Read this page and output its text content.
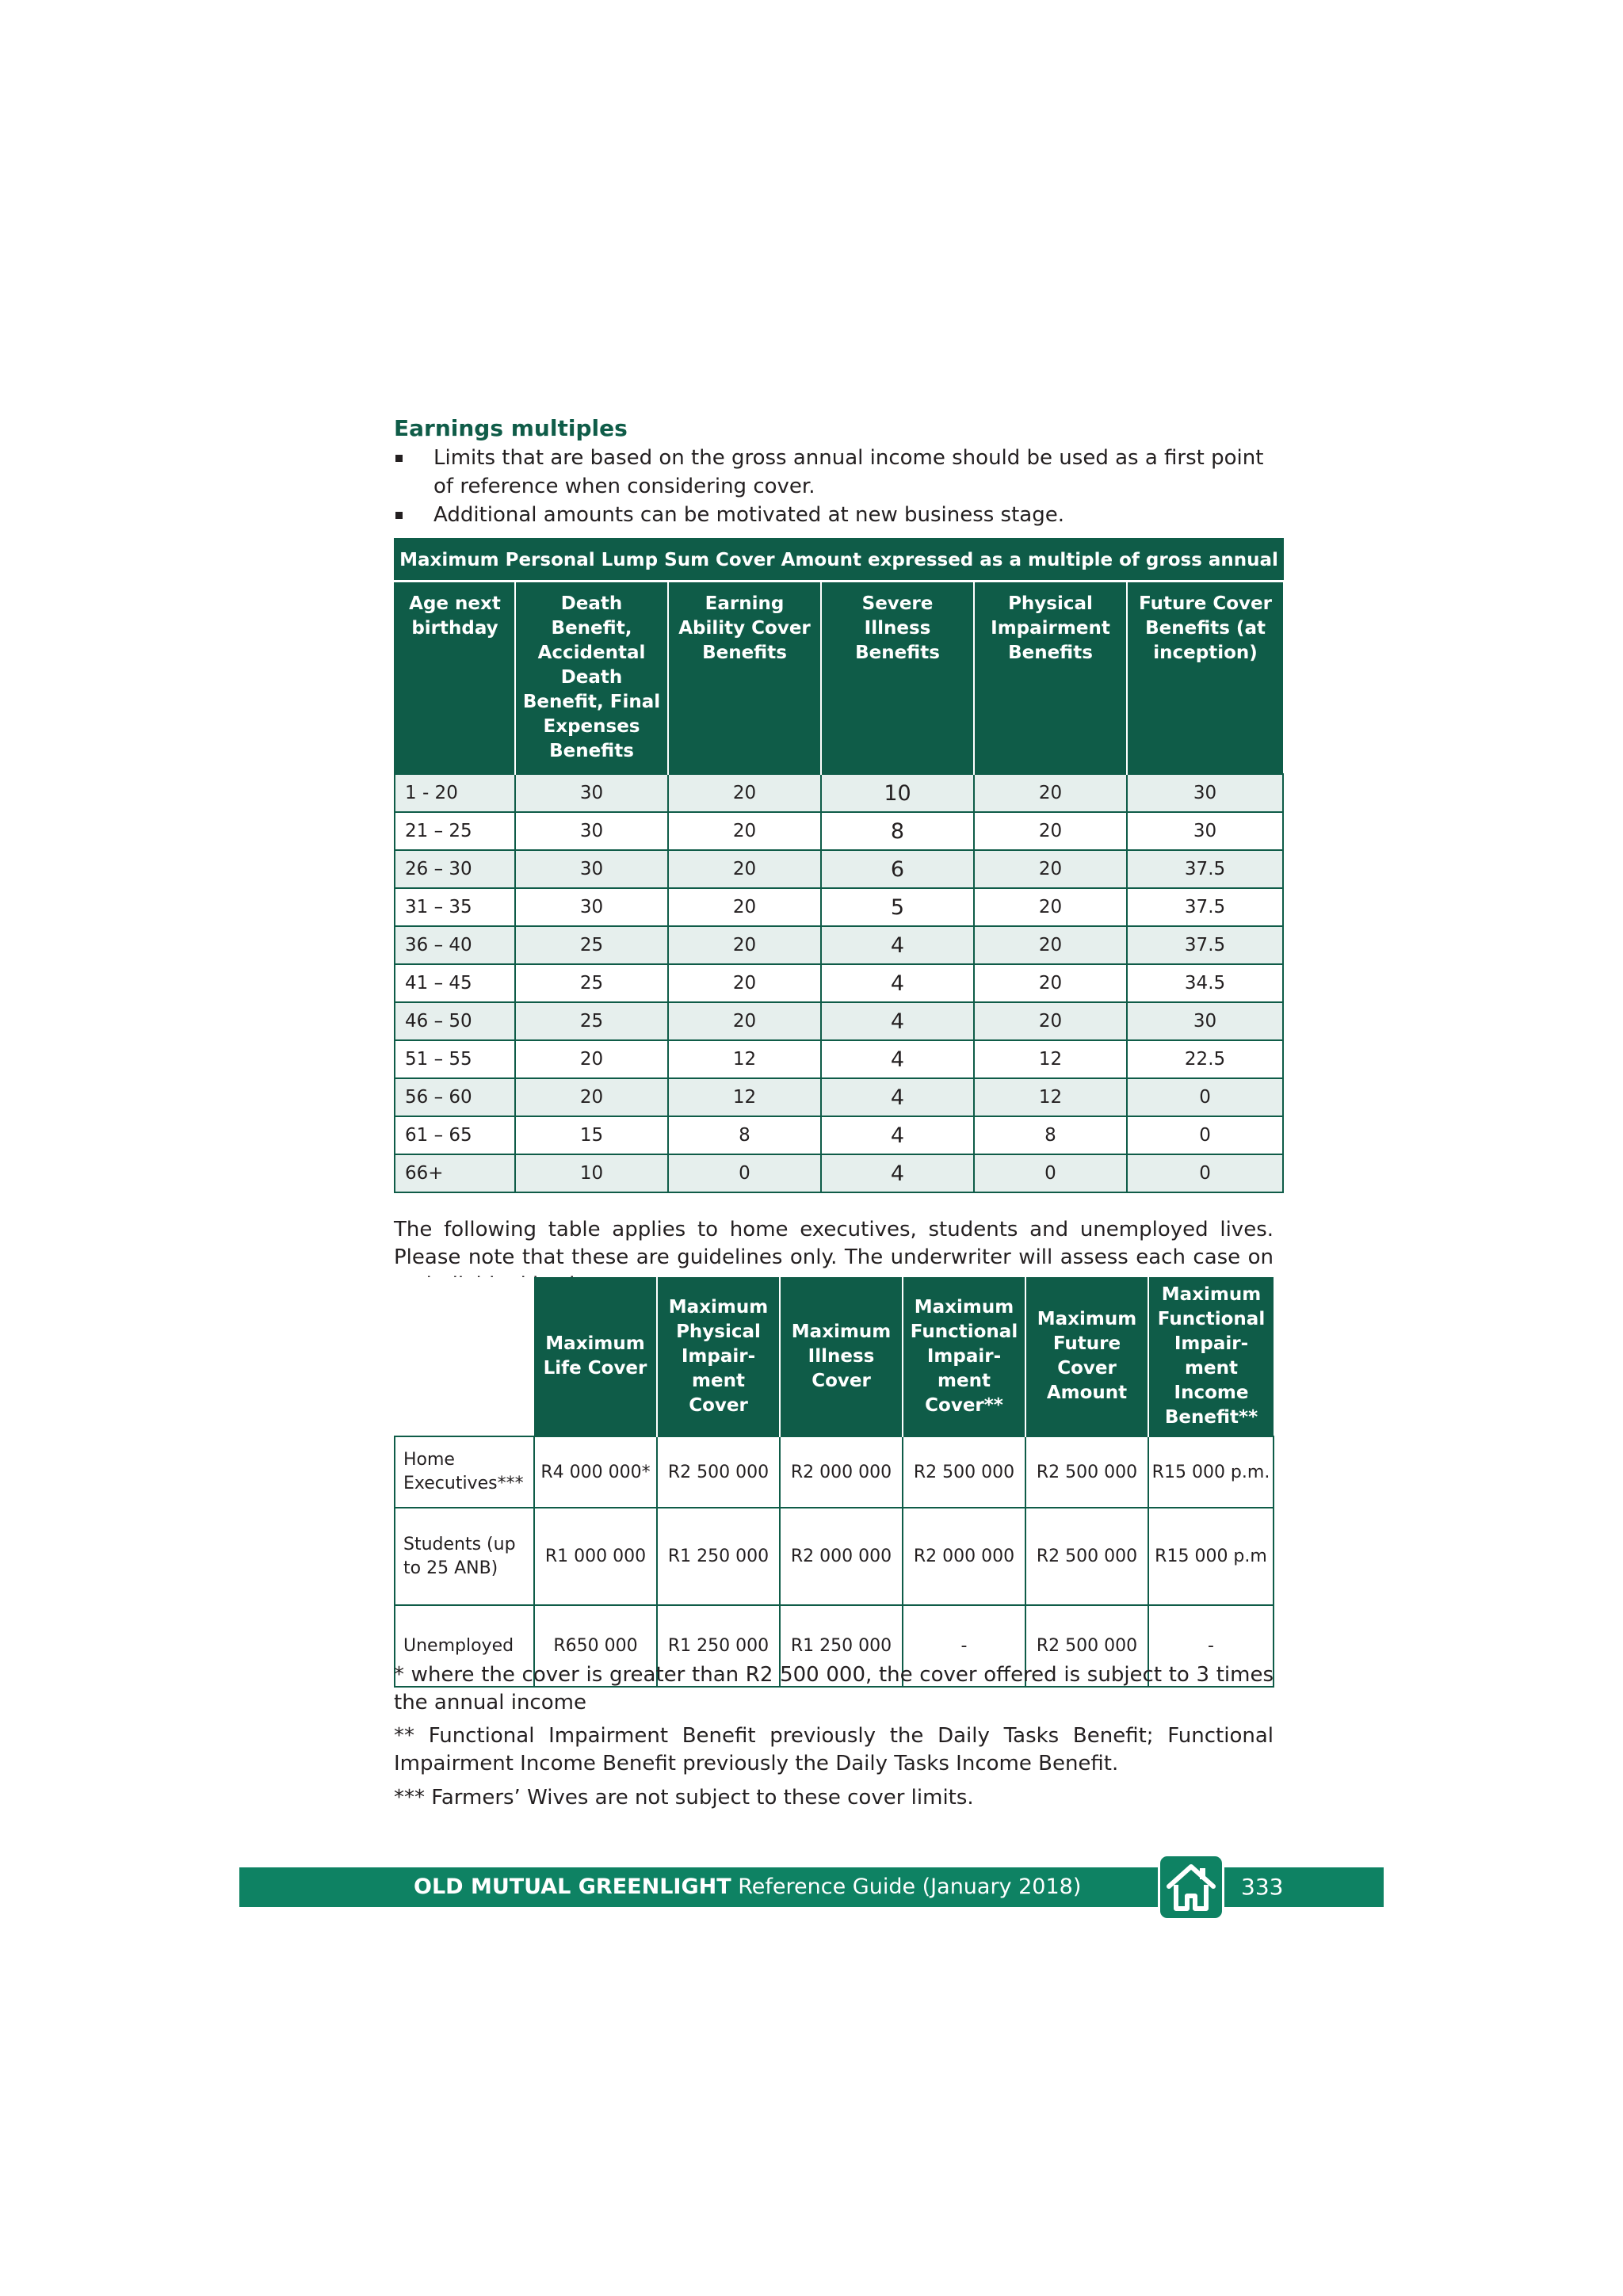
Earnings multiples
Limits that are based on the gross annual income should be used as a first point of reference when considering cover.
Additional amounts can be motivated at new business stage.
Maximum Personal Lump Sum Cover Amount expressed as a multiple of gross annual					
Age next birthday	Death Benefit, Accidental Death Benefit, Final Expenses Benefits	Earning Ability Cover Benefits	Severe Illness Benefits	Physical Impairment Benefits	Future Cover Benefits (at inception)
1 - 20	30	20	10	20	30
21 – 25	30	20	8	20	30
26 – 30	30	20	6	20	37.5
31 – 35	30	20	5	20	37.5
36 – 40	25	20	4	20	37.5
41 – 45	25	20	4	20	34.5
46 – 50	25	20	4	20	30
51 – 55	20	12	4	12	22.5
56 – 60	20	12	4	12	0
61 – 65	15	8	4	8	0
66+	10	0	4	0	0

The following table applies to home executives, students and unemployed lives. Please note that these are guidelines only. The underwriter will assess each case on

	Maximum Life Cover	Maximum Physical Impair- ment Cover	Maximum Illness Cover	Maximum Functional Impair- ment Cover**	Maximum Future Cover Amount	Maximum Functional Impair- ment Income Benefit**
Home Executives***	R4 000 000*	R2 500 000	R2 000 000	R2 500 000	R2 500 000	R15 000 p.m.
Students (up to 25 ANB)	R1 000 000	R1 250 000	R2 000 000	R2 000 000	R2 500 000	R15 000 p.m
Unemployed	R650 000	R1 250 000	R1 250 000	-	R2 500 000	-

* where the cover is greater than R2 500 000, the cover offered is subject to 3 times the annual income

** Functional Impairment Benefit previously the Daily Tasks Benefit; Functional Impairment Income Benefit previously the Daily Tasks Income Benefit.

*** Farmers’ Wives are not subject to these cover limits.

OLD MUTUAL GREENLIGHT Reference Guide (January 2018)	333
